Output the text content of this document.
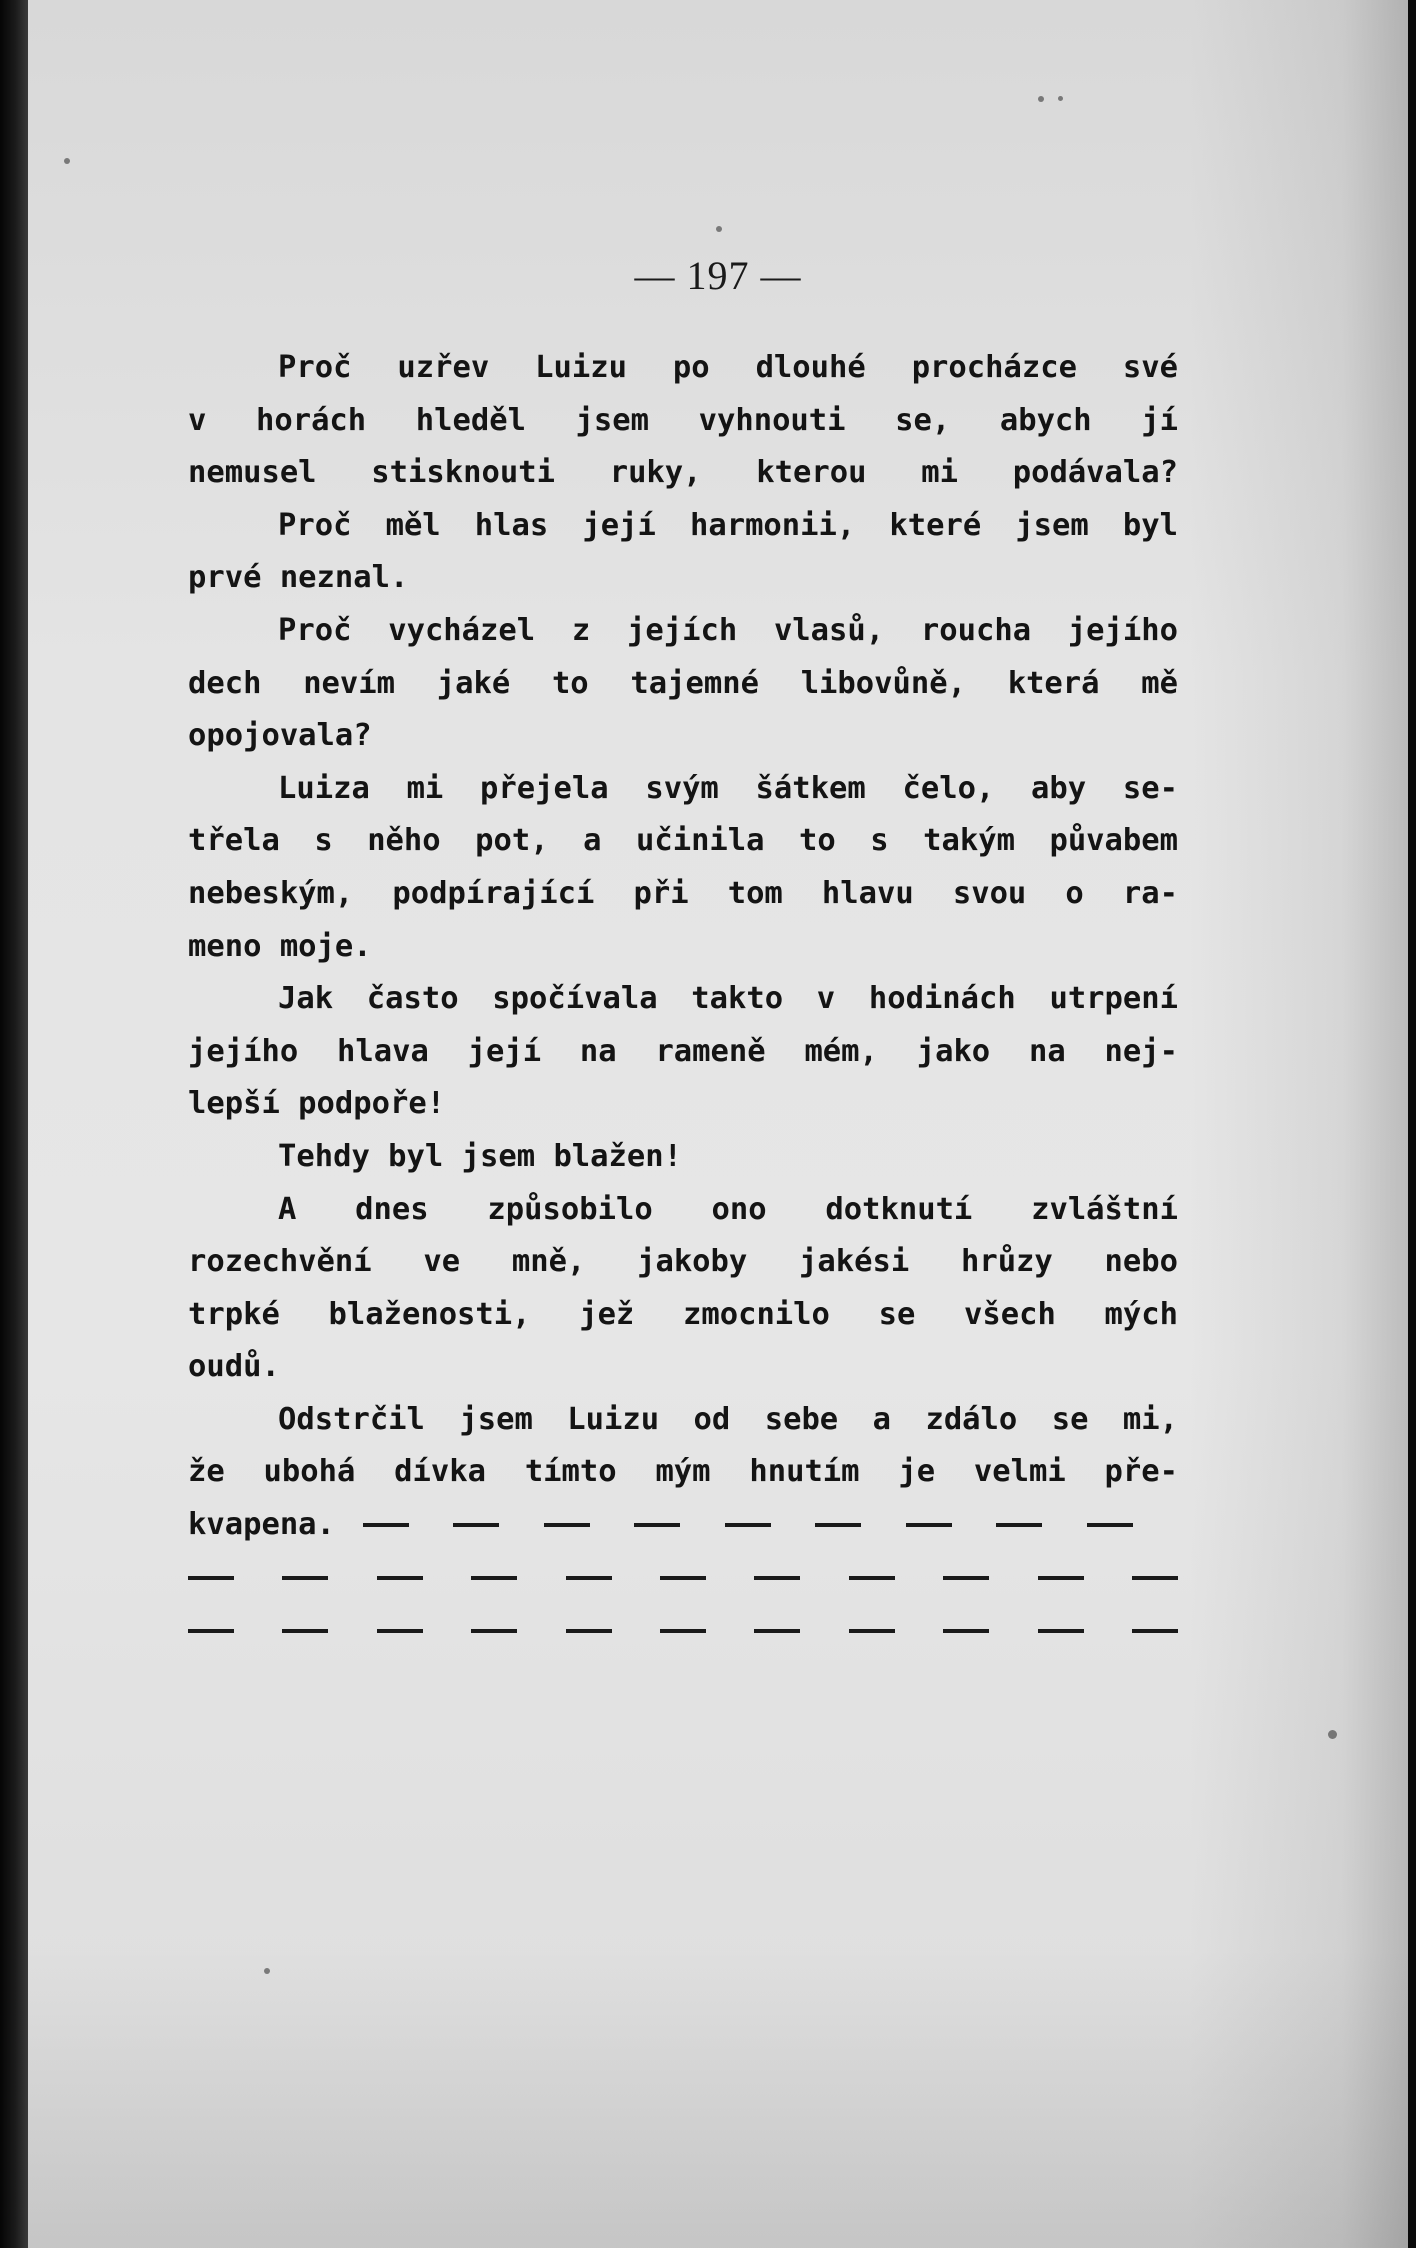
— 197 —
Proč uzřev Luizu po dlouhé procházce své
v horách hleděl jsem vyhnouti se, abych jí
nemusel stisknouti ruky, kterou mi podávala?
Proč měl hlas její harmonii, které jsem byl
prvé neznal.
Proč vycházel z jejích vlasů, roucha jejího
dech nevím jaké to tajemné libovůně, která mě
opojovala?
Luiza mi přejela svým šátkem čelo, aby se-
třela s něho pot, a učinila to s takým půvabem
nebeským, podpírající při tom hlavu svou o ra-
meno moje.
Jak často spočívala takto v hodinách utrpení
jejího hlava její na rameně mém, jako na nej-
lepší podpoře!
Tehdy byl jsem blažen!
A dnes způsobilo ono dotknutí zvláštní
rozechvění ve mně, jakoby jakési hrůzy nebo
trpké blaženosti, jež zmocnilo se všech mých
oudů.
Odstrčil jsem Luizu od sebe a zdálo se mi,
že ubohá dívka tímto mým hnutím je velmi pře-
kvapena.
